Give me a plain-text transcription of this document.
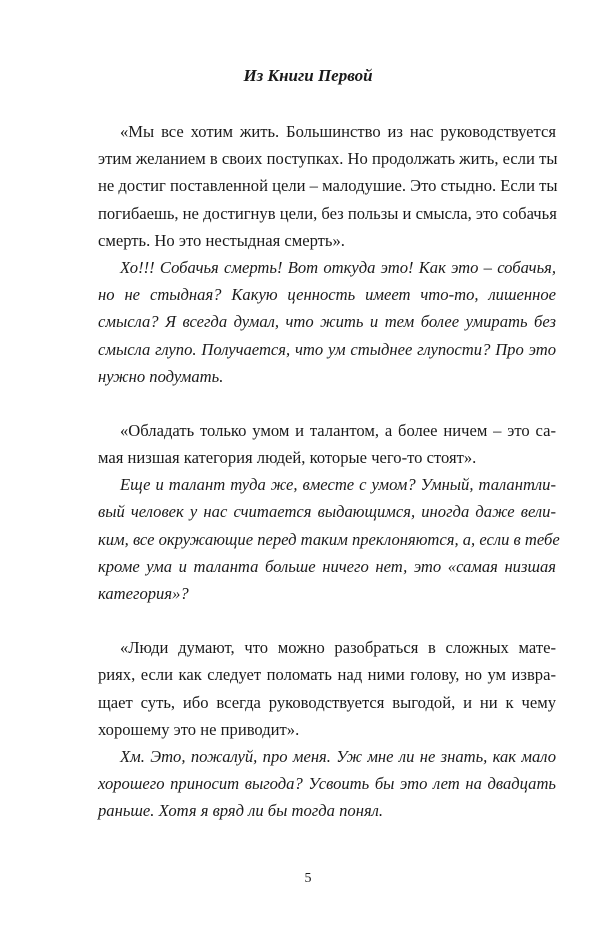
Из Книги Первой
«Мы все хотим жить. Большинство из нас руководствуется
этим желанием в своих поступках. Но продолжать жить, если ты
не достиг поставленной цели – малодушие. Это стыдно. Если ты
погибаешь, не достигнув цели, без пользы и смысла, это собачья
смерть. Но это нестыдная смерть».
Хо!!! Собачья смерть! Вот откуда это! Как это – собачья,
но не стыдная? Какую ценность имеет что-то, лишенное
смысла? Я всегда думал, что жить и тем более умирать без
смысла глупо. Получается, что ум стыднее глупости? Про это
нужно подумать.
«Обладать только умом и талантом, а более ничем – это са-
мая низшая категория людей, которые чего-то стоят».
Еще и талант туда же, вместе с умом? Умный, талантли-
вый человек у нас считается выдающимся, иногда даже вели-
ким, все окружающие перед таким преклоняются, а, если в тебе
кроме ума и таланта больше ничего нет, это «самая низшая
категория»?
«Люди думают, что можно разобраться в сложных мате-
риях, если как следует поломать над ними голову, но ум извра-
щает суть, ибо всегда руководствуется выгодой, и ни к чему
хорошему это не приводит».
Хм. Это, пожалуй, про меня. Уж мне ли не знать, как мало
хорошего приносит выгода? Усвоить бы это лет на двадцать
раньше. Хотя я вряд ли бы тогда понял.

5
